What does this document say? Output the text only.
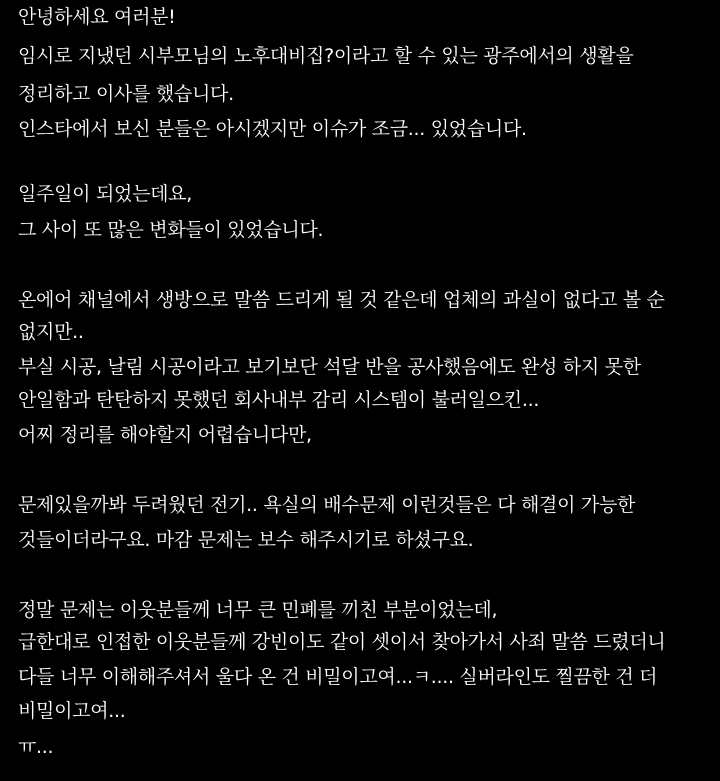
안녕하세요 여러분!
임시로 지냈던 시부모님의 노후대비집?이라고 할 수 있는 광주에서의 생활을
정리하고 이사를 했습니다.
인스타에서 보신 분들은 아시겠지만 이슈가 조금... 있었습니다.
일주일이 되었는데요,
그 사이 또 많은 변화들이 있었습니다.
온에어 채널에서 생방으로 말씀 드리게 될 것 같은데 업체의 과실이 없다고 볼 순
없지만..
부실 시공, 날림 시공이라고 보기보단 석달 반을 공사했음에도 완성 하지 못한
안일함과 탄탄하지 못했던 회사내부 감리 시스템이 불러일으킨...
어찌 정리를 해야할지 어렵습니다만,
문제있을까봐 두려웠던 전기.. 욕실의 배수문제 이런것들은 다 해결이 가능한
것들이더라구요. 마감 문제는 보수 해주시기로 하셨구요.
정말 문제는 이웃분들께 너무 큰 민폐를 끼친 부분이었는데,
급한대로 인접한 이웃분들께 강빈이도 같이 셋이서 찾아가서 사죄 말씀 드렸더니
다들 너무 이해해주셔서 울다 온 건 비밀이고여...ㅋ.... 실버라인도 찔끔한 건 더
비밀이고여...
ㅠ...
